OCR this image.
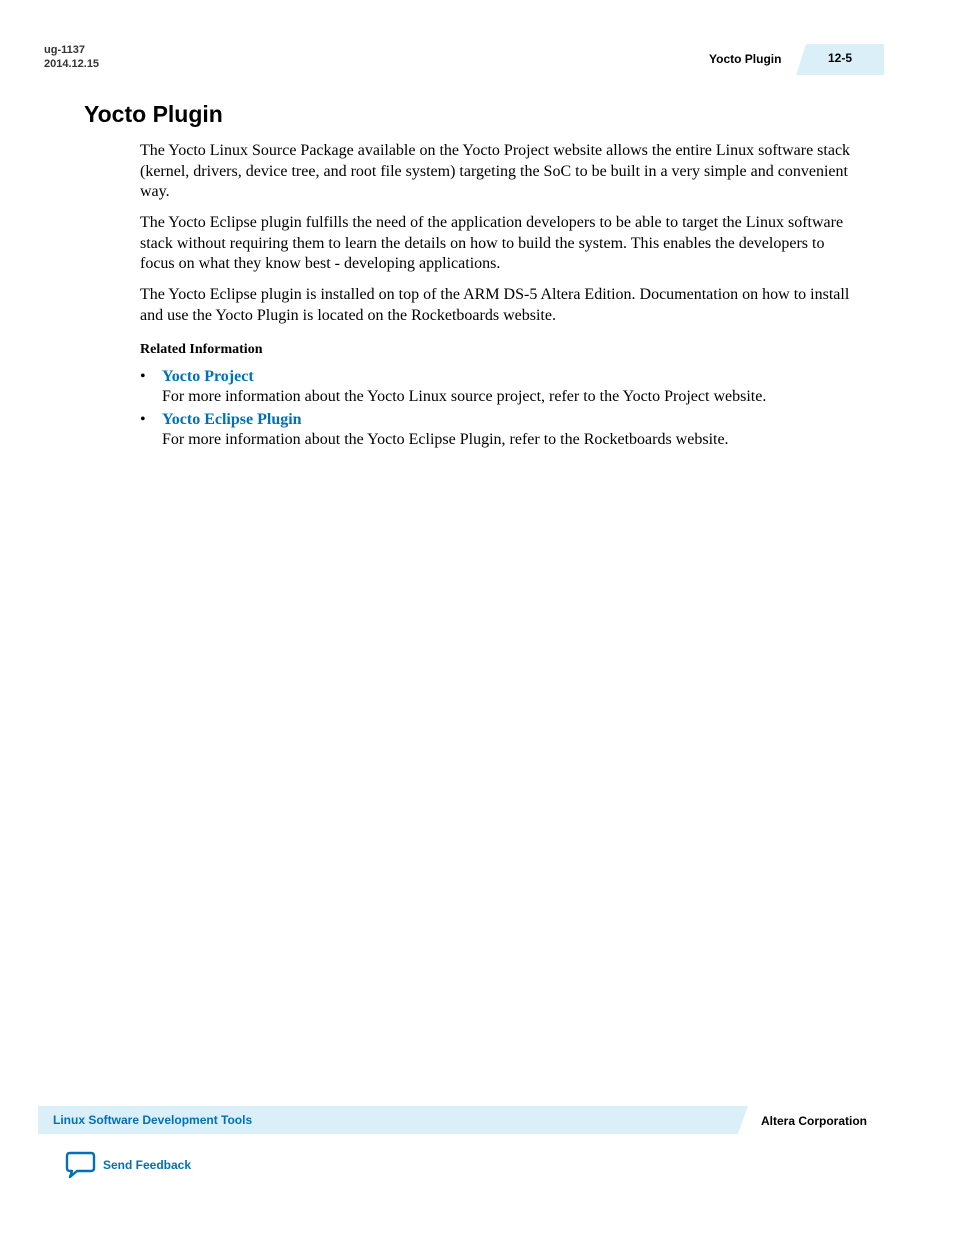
ug-1137
2014.12.15	Yocto Plugin	12-5
Yocto Plugin

The Yocto Linux Source Package available on the Yocto Project website allows the entire Linux software stack (kernel, drivers, device tree, and root file system) targeting the SoC to be built in a very simple and convenient way.

The Yocto Eclipse plugin fulfills the need of the application developers to be able to target the Linux software stack without requiring them to learn the details on how to build the system. This enables the developers to focus on what they know best - developing applications.

The Yocto Eclipse plugin is installed on top of the ARM DS-5 Altera Edition. Documentation on how to install and use the Yocto Plugin is located on the Rocketboards website.

Related Information
• Yocto Project
For more information about the Yocto Linux source project, refer to the Yocto Project website.
• Yocto Eclipse Plugin
For more information about the Yocto Eclipse Plugin, refer to the Rocketboards website.
Linux Software Development Tools	Altera Corporation
Send Feedback
